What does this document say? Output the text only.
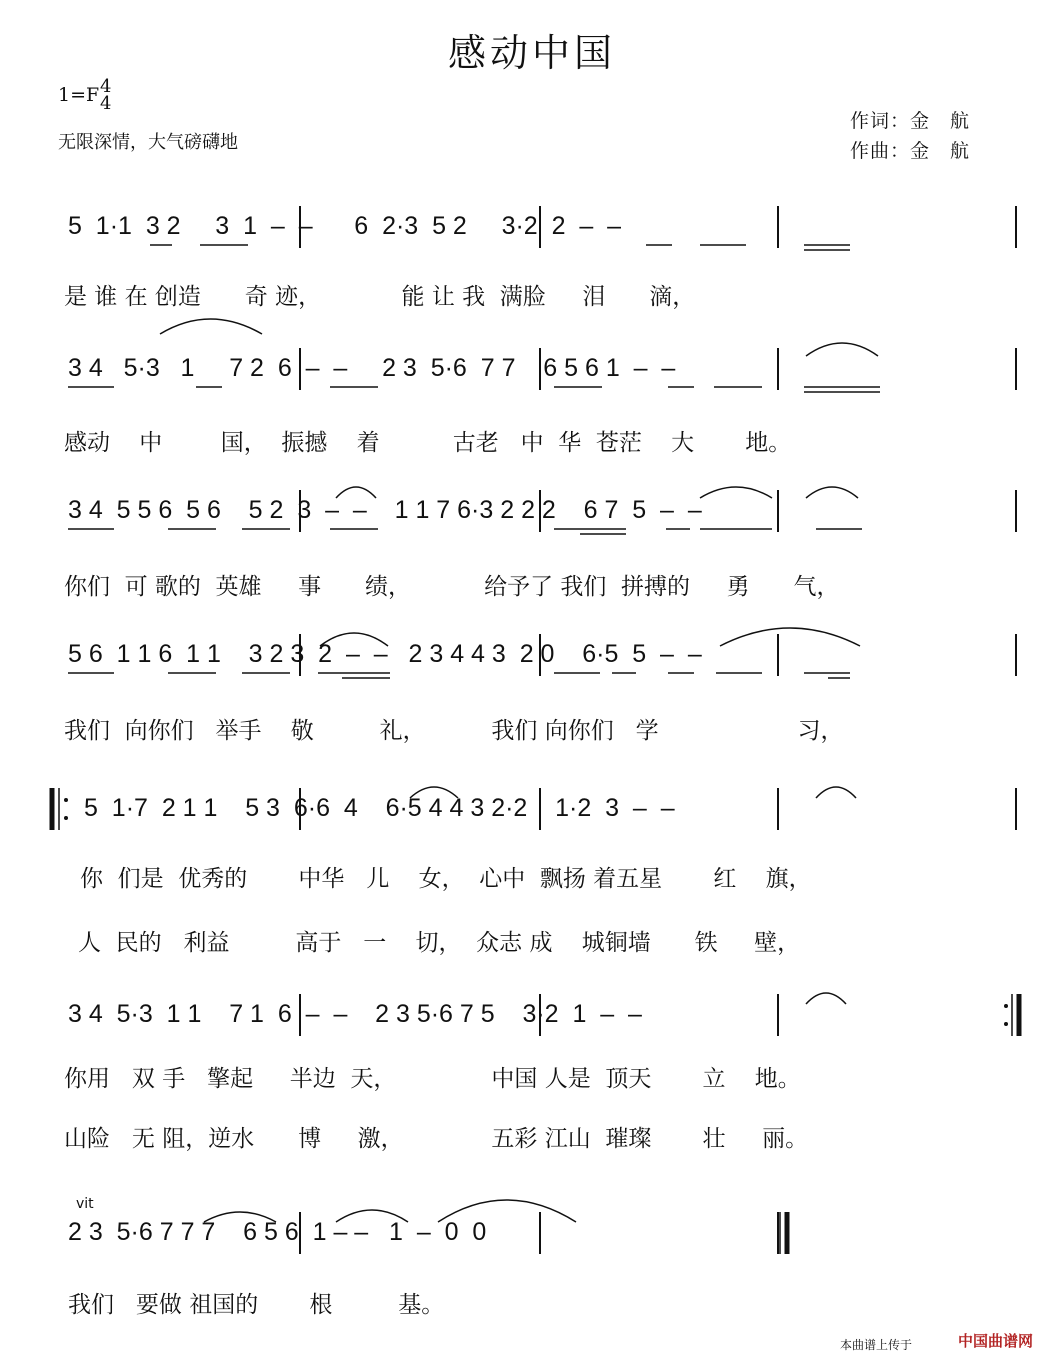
感动中国
1=F 4
4
无限深情，大气磅礴地
作词：金　航
作曲：金　航
5  1·1  3 2     3  1  –  –      6  2·3  5 2     3·2  2  –  –
是 谁 在 创造      奇 迹，           能 让 我  满脸     泪      滴，
3 4   5·3   1     7 2  6  –  –     2 3  5·6  7 7    6 5 6 1  –  –
感动    中        国，  振撼    着          古老   中  华  苍茫    大       地。
3 4  5 5 6  5 6    5 2  3  –  –    1 1 7 6·3 2 2 2    6 7  5  –  –
你们  可 歌的  英雄     事      绩，          给予了 我们  拼搏的     勇      气，
5 6  1 1 6  1 1    3 2 3  2  –  –   2 3 4 4 3  2 0    6·5  5  –  –
我们  向你们   举手    敬         礼，         我们 向你们   学                   习，
5  1·7  2 1 1    5 3  6·6  4    6·5 4 4 3 2·2    1·2  3  –  –
你  们是  优秀的       中华   儿    女，  心中  飘扬 着五星       红    旗，
人  民的   利益         高于   一    切，  众志 成    城铜墙      铁     壁，
3 4  5·3  1 1    7 1  6  –  –    2 3 5·6 7 5    3·2  1  –  –
你用   双 手   擎起     半边  天，             中国 人是  顶天       立    地。
山险   无 阻，逆水      博     激，            五彩 江山  璀璨       壮     丽。
vit
2 3  5·6 7 7 7    6 5 6  1 – –   1  –  0  0
我们   要做 祖国的       根         基。
本曲谱上传于	中国曲谱网
